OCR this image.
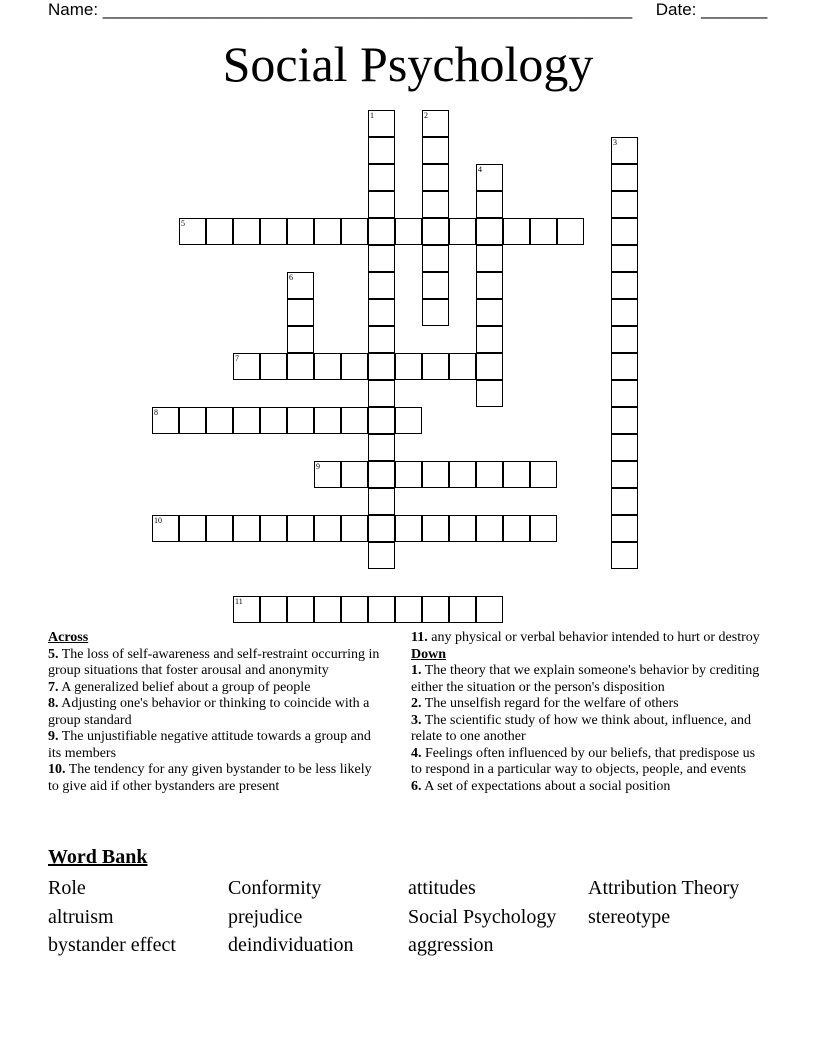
Name: ________________________________________________________ Date: _______
Social Psychology
1	2
3
4
5
6
7
8
9
10
11
Across
5. The loss of self-awareness and self-restraint occurring in group situations that foster arousal and anonymity
7. A generalized belief about a group of people
8. Adjusting one's behavior or thinking to coincide with a group standard
9. The unjustifiable negative attitude towards a group and its members
10. The tendency for any given bystander to be less likely to give aid if other bystanders are present
11. any physical or verbal behavior intended to hurt or destroy
Down
1. The theory that we explain someone's behavior by crediting either the situation or the person's disposition
2. The unselfish regard for the welfare of others
3. The scientific study of how we think about, influence, and relate to one another
4. Feelings often influenced by our beliefs, that predispose us to respond in a particular way to objects, people, and events
6. A set of expectations about a social position
Word Bank
Role
altruism
bystander effect
Conformity
prejudice
deindividuation
attitudes
Social Psychology
aggression
Attribution Theory
stereotype
